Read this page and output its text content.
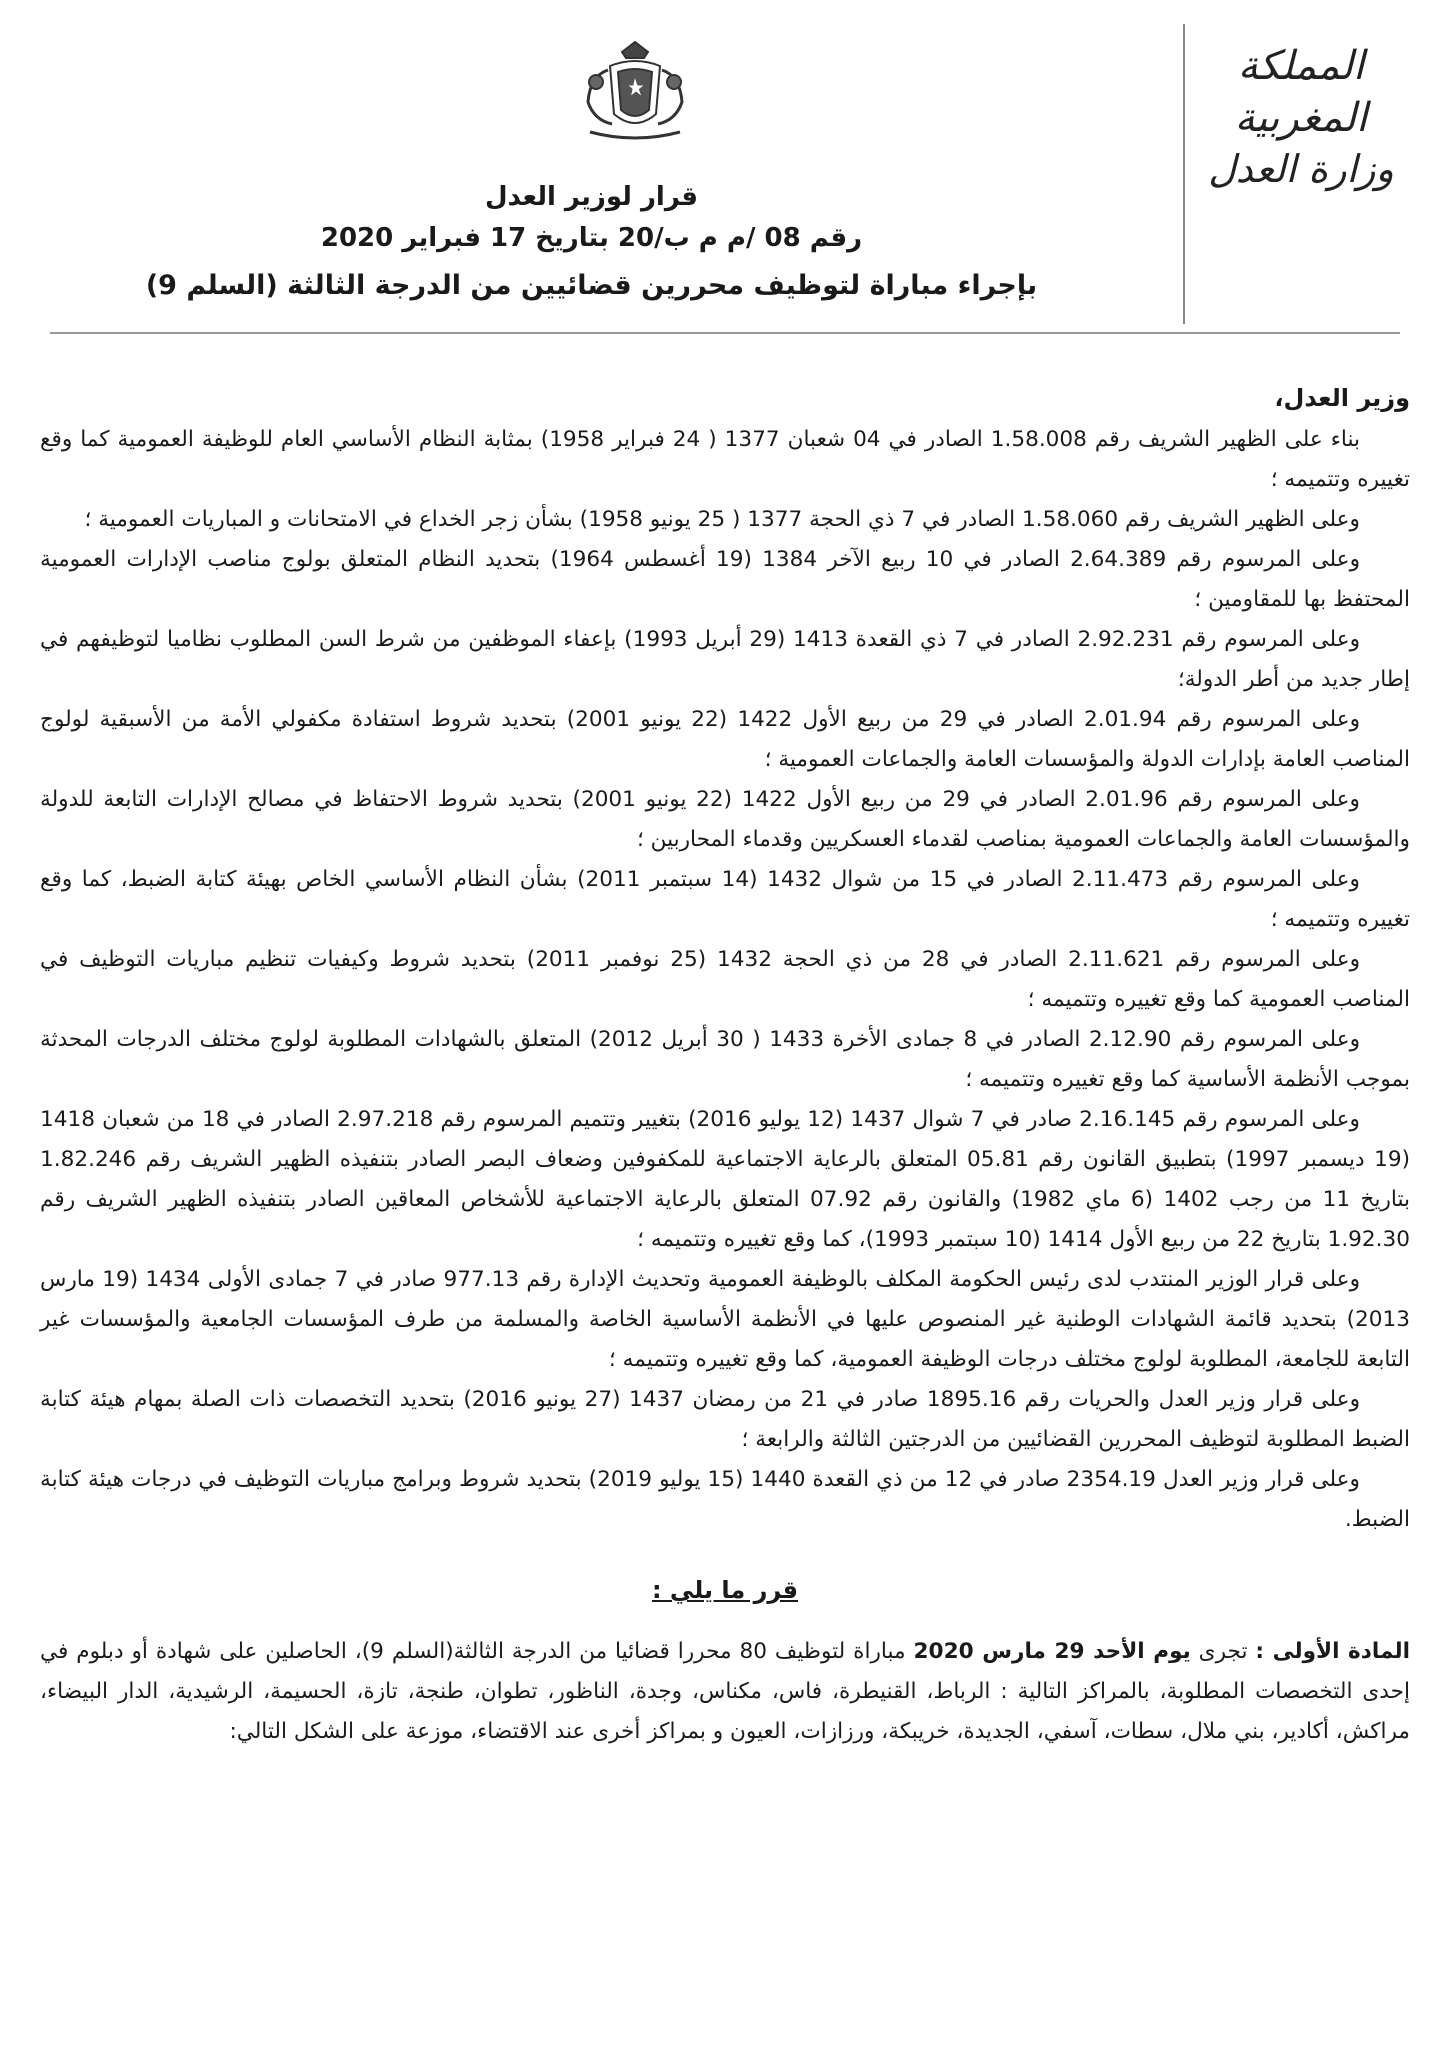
المملكة المغربية
وزارة العدل
قرار لوزير العدل
رقم 08 /م م ب/20 بتاريخ 17 فبراير 2020
بإجراء مباراة لتوظيف محررين قضائيين من الدرجة الثالثة (السلم 9)
وزير العدل،

بناء على الظهير الشريف رقم 1.58.008 الصادر في 04 شعبان 1377 ( 24 فبراير 1958) بمثابة النظام الأساسي العام للوظيفة العمومية كما وقع تغييره وتتميمه ؛

وعلى الظهير الشريف رقم 1.58.060 الصادر في 7 ذي الحجة 1377 ( 25 يونيو 1958) بشأن زجر الخداع في الامتحانات و المباريات العمومية ؛

وعلى المرسوم رقم 2.64.389 الصادر في 10 ربيع الآخر 1384 (19 أغسطس 1964) بتحديد النظام المتعلق بولوج مناصب الإدارات العمومية المحتفظ بها للمقاومين ؛

وعلى المرسوم رقم 2.92.231 الصادر في 7 ذي القعدة 1413 (29 أبريل 1993) بإعفاء الموظفين من شرط السن المطلوب نظاميا لتوظيفهم في إطار جديد من أطر الدولة؛

وعلى المرسوم رقم 2.01.94 الصادر في 29 من ربيع الأول 1422 (22 يونيو 2001) بتحديد شروط استفادة مكفولي الأمة من الأسبقية لولوج المناصب العامة بإدارات الدولة والمؤسسات العامة والجماعات العمومية ؛

وعلى المرسوم رقم 2.01.96 الصادر في 29 من ربيع الأول 1422 (22 يونيو 2001) بتحديد شروط الاحتفاظ في مصالح الإدارات التابعة للدولة والمؤسسات العامة والجماعات العمومية بمناصب لقدماء العسكريين وقدماء المحاربين ؛

وعلى المرسوم رقم 2.11.473 الصادر في 15 من شوال 1432 (14 سبتمبر 2011) بشأن النظام الأساسي الخاص بهيئة كتابة الضبط، كما وقع تغييره وتتميمه ؛

وعلى المرسوم رقم 2.11.621 الصادر في 28 من ذي الحجة 1432 (25 نوفمبر 2011) بتحديد شروط وكيفيات تنظيم مباريات التوظيف في المناصب العمومية كما وقع تغييره وتتميمه ؛

وعلى المرسوم رقم 2.12.90 الصادر في 8 جمادى الأخرة 1433 ( 30 أبريل 2012) المتعلق بالشهادات المطلوبة لولوج مختلف الدرجات المحدثة بموجب الأنظمة الأساسية كما وقع تغييره وتتميمه ؛

وعلى المرسوم رقم 2.16.145 صادر في 7 شوال 1437 (12 يوليو 2016) بتغيير وتتميم المرسوم رقم 2.97.218 الصادر في 18 من شعبان 1418 (19 ديسمبر 1997) بتطبيق القانون رقم 05.81 المتعلق بالرعاية الاجتماعية للمكفوفين وضعاف البصر الصادر بتنفيذه الظهير الشريف رقم 1.82.246 بتاريخ 11 من رجب 1402 (6 ماي 1982) والقانون رقم 07.92 المتعلق بالرعاية الاجتماعية للأشخاص المعاقين الصادر بتنفيذه الظهير الشريف رقم 1.92.30 بتاريخ 22 من ربيع الأول 1414 (10 سبتمبر 1993)، كما وقع تغييره وتتميمه ؛

وعلى قرار الوزير المنتدب لدى رئيس الحكومة المكلف بالوظيفة العمومية وتحديث الإدارة رقم 977.13 صادر في 7 جمادى الأولى 1434 (19 مارس 2013) بتحديد قائمة الشهادات الوطنية غير المنصوص عليها في الأنظمة الأساسية الخاصة والمسلمة من طرف المؤسسات الجامعية والمؤسسات غير التابعة للجامعة، المطلوبة لولوج مختلف درجات الوظيفة العمومية، كما وقع تغييره وتتميمه ؛

وعلى قرار وزير العدل والحريات رقم 1895.16 صادر في 21 من رمضان 1437 (27 يونيو 2016) بتحديد التخصصات ذات الصلة بمهام هيئة كتابة الضبط المطلوبة لتوظيف المحررين القضائيين من الدرجتين الثالثة والرابعة ؛

وعلى قرار وزير العدل 2354.19 صادر في 12 من ذي القعدة 1440 (15 يوليو 2019) بتحديد شروط وبرامج مباريات التوظيف في درجات هيئة كتابة الضبط.

قرر ما يلي :

المادة الأولى : تجرى يوم الأحد 29 مارس 2020 مباراة لتوظيف 80 محررا قضائيا من الدرجة الثالثة(السلم 9)، الحاصلين على شهادة أو دبلوم في إحدى التخصصات المطلوبة، بالمراكز التالية : الرباط، القنيطرة، فاس، مكناس، وجدة، الناظور، تطوان، طنجة، تازة، الحسيمة، الرشيدية، الدار البيضاء، مراكش، أكادير، بني ملال، سطات، آسفي، الجديدة، خريبكة، ورزازات، العيون و بمراكز أخرى عند الاقتضاء، موزعة على الشكل التالي:
